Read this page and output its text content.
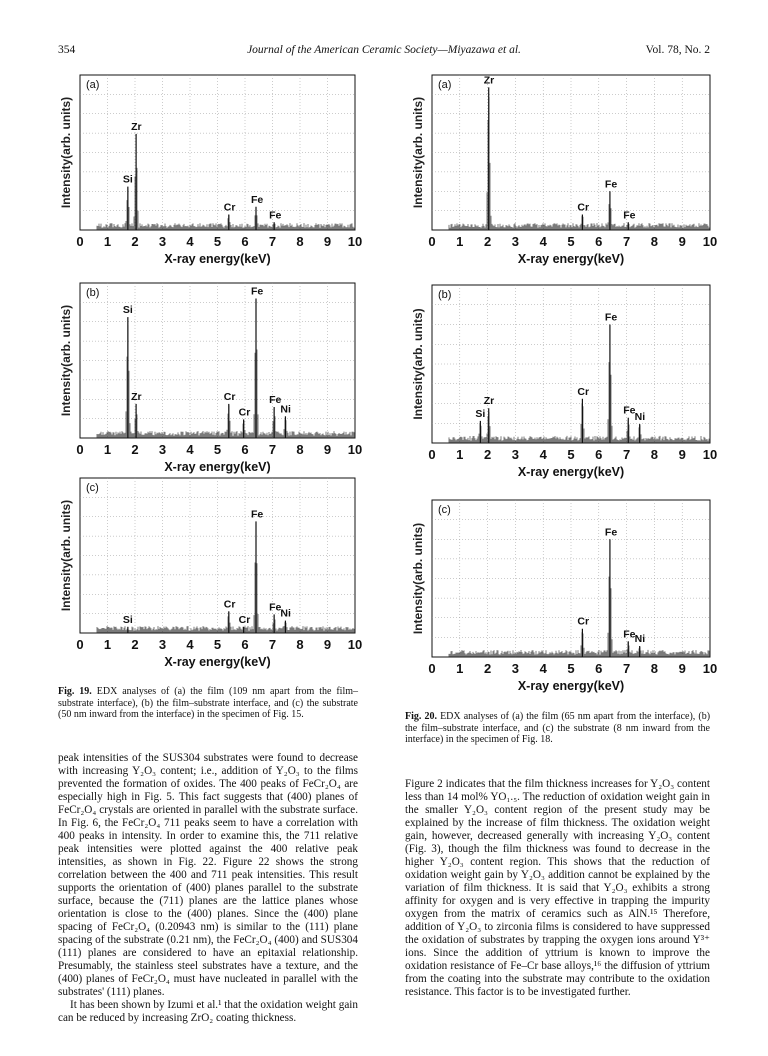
354	Journal of the American Ceramic Society—Miyazawa et al.	Vol. 78, No. 2
Si
Zr
Cr
Fe
Fe
(a)
0 1 2 3 4 5 6 7 8 9 10
X-ray energy(keV)
Intensity(arb. units)
Si
Zr	Cr
Cr
Fe
Fe
Ni
(b)
0 1 2 3 4 5 6 7 8 9 10
X-ray energy(keV)
Intensity(arb. units)
Si
Cr
Cr
Fe
Fe
Ni
(c)
0 1 2 3 4 5 6 7 8 9 10
X-ray energy(keV)
Intensity(arb. units)
Zr
Cr
Fe
Fe
(a)
0 1 2 3 4 5 6 7 8 9 10
X-ray energy(keV)
Intensity(arb. units)
Si
Zr
Cr
Fe
Fe
Ni
(b)
0 1 2 3 4 5 6 7 8 9 10
X-ray energy(keV)
Intensity(arb. units)
Cr
Fe
Fe Ni
(c)
0 1 2 3 4 5 6 7 8 9 10
X-ray energy(keV)
Intensity(arb. units)
Fig. 19. EDX analyses of (a) the film (109 nm apart from the film–substrate interface), (b) the film–substrate interface, and (c) the substrate (50 nm inward from the interface) in the specimen of Fig. 15.	Fig. 20. EDX analyses of (a) the film (65 nm apart from the interface), (b) the film–substrate interface, and (c) the substrate (8 nm inward from the interface) in the specimen of Fig. 18.

peak intensities of the SUS304 substrates were found to decrease with increasing Y₂O₃ content; i.e., addition of Y₂O₃ to the films prevented the formation of oxides. The 400 peaks of FeCr₂O₄ are especially high in Fig. 5. This fact suggests that (400) planes of FeCr₂O₄ crystals are oriented in parallel with the substrate surface. In Fig. 6, the FeCr₂O₄ 711 peaks seem to have a correlation with 400 peaks in intensity. In order to examine this, the 711 relative peak intensities were plotted against the 400 relative peak intensities, as shown in Fig. 22. Figure 22 shows the strong correlation between the 400 and 711 peak intensities. This result supports the orientation of (400) planes parallel to the substrate surface, because the (711) planes are the lattice planes whose orientation is close to the (400) planes. Since the (400) plane spacing of FeCr₂O₄ (0.20943 nm) is similar to the (111) plane spacing of the substrate (0.21 nm), the FeCr₂O₄ (400) and SUS304 (111) planes are considered to have an epitaxial relationship. Presumably, the stainless steel substrates have a texture, and the (400) planes of FeCr₂O₄ must have nucleated in parallel with the substrates' (111) planes.

It has been shown by Izumi et al.¹ that the oxidation weight gain can be reduced by increasing ZrO₂ coating thickness.

Figure 2 indicates that the film thickness increases for Y₂O₃ content less than 14 mol% YO₁.₅. The reduction of oxidation weight gain in the smaller Y₂O₃ content region of the present study may be explained by the increase of film thickness. The oxidation weight gain, however, decreased generally with increasing Y₂O₃ content (Fig. 3), though the film thickness was found to decrease in the higher Y₂O₃ content region. This shows that the reduction of oxidation weight gain by Y₂O₃ addition cannot be explained by the variation of film thickness. It is said that Y₂O₃ exhibits a strong affinity for oxygen and is very effective in trapping the impurity oxygen from the matrix of ceramics such as AlN.¹⁵ Therefore, addition of Y₂O₃ to zirconia films is considered to have suppressed the oxidation of substrates by trapping the oxygen ions around Y³⁺ ions. Since the addition of yttrium is known to improve the oxidation resistance of Fe–Cr base alloys,¹⁶ the diffusion of yttrium from the coating into the substrate may contribute to the oxidation resistance. This factor is to be investigated further.
